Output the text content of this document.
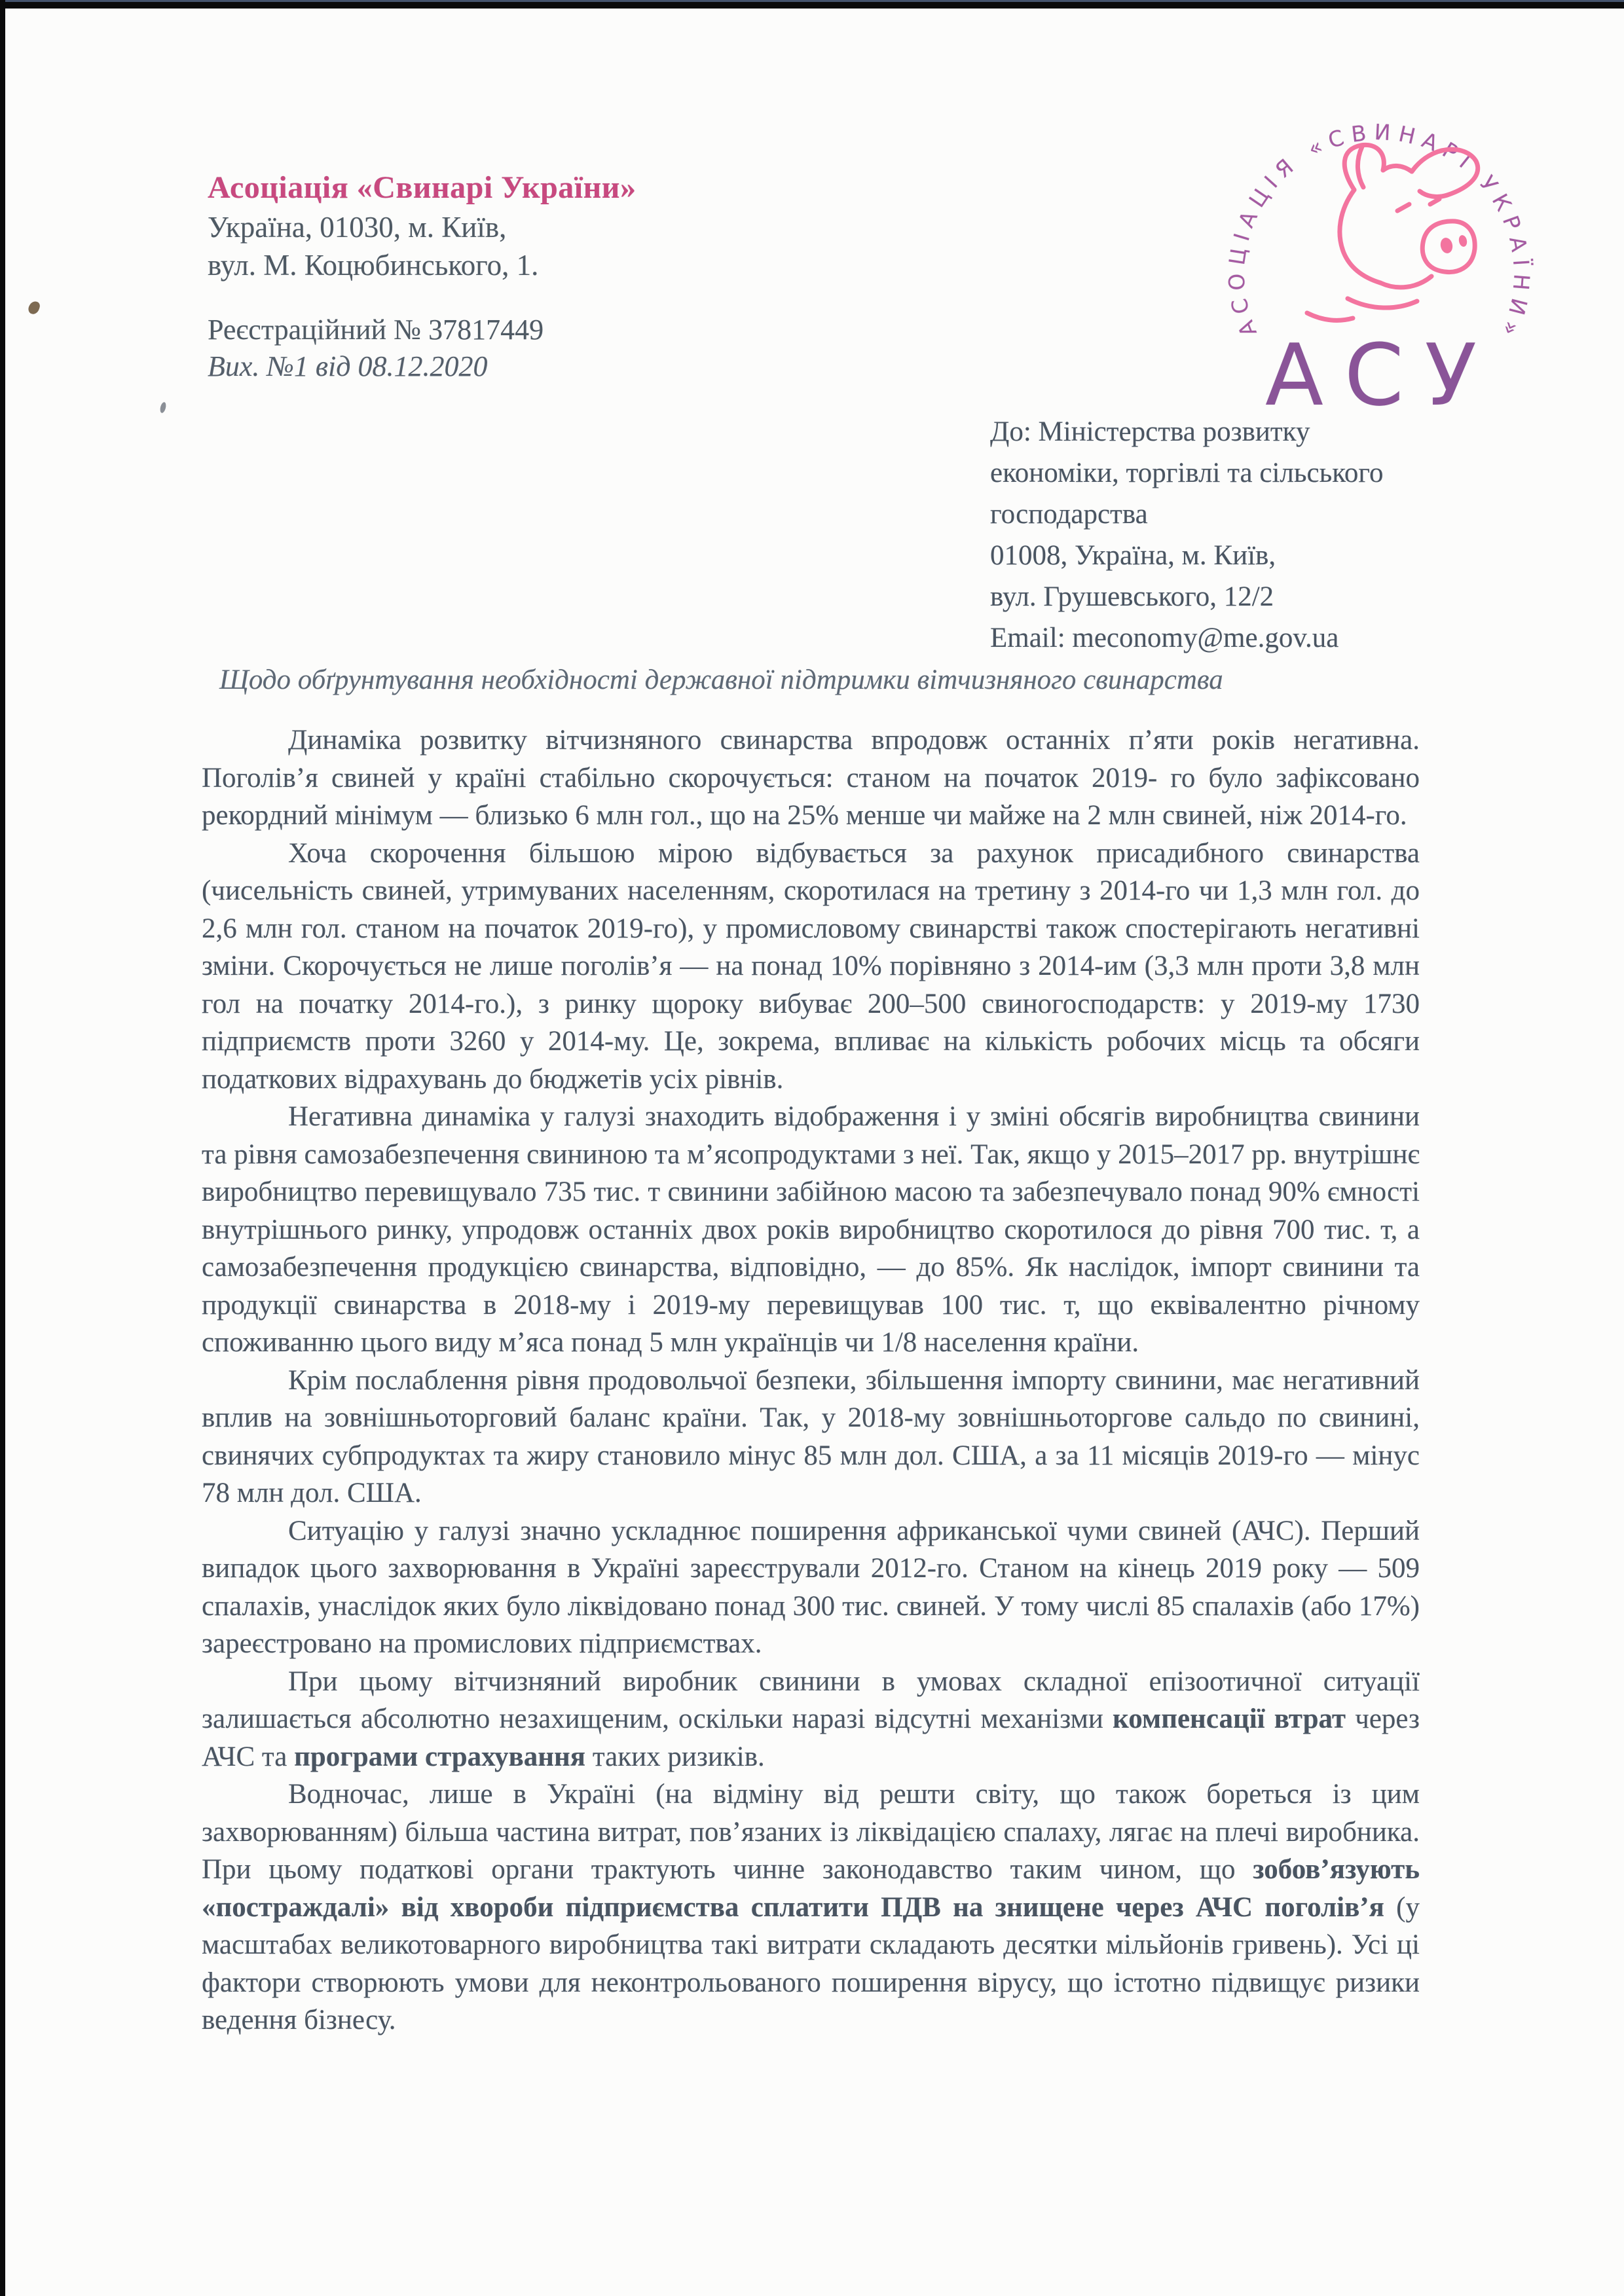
Асоціація «Свинарі України»
Україна, 01030, м. Київ,
вул. М. Коцюбинського, 1.
Реєстраційний № 37817449
Вих. №1 від 08.12.2020
АСОЦІАЦІЯ «СВИНАРІ УКРАЇНИ»
АСУ
До: Міністерства розвитку
економіки, торгівлі та сільського
господарства
01008, Україна, м. Київ,
вул. Грушевського, 12/2
Email: meconomy@me.gov.ua
Щодо обґрунтування необхідності державної підтримки вітчизняного свинарства

Динаміка розвитку вітчизняного свинарства впродовж останніх п’яти років негативна. Поголів’я свиней у країні стабільно скорочується: станом на початок 2019- го було зафіксовано рекордний мінімум — близько 6 млн гол., що на 25% менше чи майже на 2 млн свиней, ніж 2014-го.

Хоча скорочення більшою мірою відбувається за рахунок присадибного свинарства (чисельність свиней, утримуваних населенням, скоротилася на третину з 2014-го чи 1,3 млн гол. до 2,6 млн гол. станом на початок 2019-го), у промисловому свинарстві також спостерігають негативні зміни. Скорочується не лише поголів’я — на понад 10% порівняно з 2014-им (3,3 млн проти 3,8 млн гол на початку 2014-го.), з ринку щороку вибуває 200–500 свиногосподарств: у 2019-му 1730 підприємств проти 3260 у 2014-му. Це, зокрема, впливає на кількість робочих місць та обсяги податкових відрахувань до бюджетів усіх рівнів.

Негативна динаміка у галузі знаходить відображення і у зміні обсягів виробництва свинини та рівня самозабезпечення свининою та м’ясопродуктами з неї. Так, якщо у 2015–2017 рр. внутрішнє виробництво перевищувало 735 тис. т свинини забійною масою та забезпечувало понад 90% ємності внутрішнього ринку, упродовж останніх двох років виробництво скоротилося до рівня 700 тис. т, а самозабезпечення продукцією свинарства, відповідно, — до 85%. Як наслідок, імпорт свинини та продукції свинарства в 2018-му і 2019-му перевищував 100 тис. т, що еквівалентно річному споживанню цього виду м’яса понад 5 млн українців чи 1/8 населення країни.

Крім послаблення рівня продовольчої безпеки, збільшення імпорту свинини, має негативний вплив на зовнішньоторговий баланс країни. Так, у 2018-му зовнішньоторгове сальдо по свинині, свинячих субпродуктах та жиру становило мінус 85 млн дол. США, а за 11 місяців 2019-го — мінус 78 млн дол. США.

Ситуацію у галузі значно ускладнює поширення африканської чуми свиней (АЧС). Перший випадок цього захворювання в Україні зареєстрували 2012-го. Станом на кінець 2019 року — 509 спалахів, унаслідок яких було ліквідовано понад 300 тис. свиней. У тому числі 85 спалахів (або 17%) зареєстровано на промислових підприємствах.

При цьому вітчизняний виробник свинини в умовах складної епізоотичної ситуації залишається абсолютно незахищеним, оскільки наразі відсутні механізми компенсації втрат через АЧС та програми страхування таких ризиків.

Водночас, лише в Україні (на відміну від решти світу, що також бореться із цим захворюванням) більша частина витрат, пов’язаних із ліквідацією спалаху, лягає на плечі виробника. При цьому податкові органи трактують чинне законодавство таким чином, що зобов’язують «постраждалі» від хвороби підприємства сплатити ПДВ на знищене через АЧС поголів’я (у масштабах великотоварного виробництва такі витрати складають десятки мільйонів гривень). Усі ці фактори створюють умови для неконтрольованого поширення вірусу, що істотно підвищує ризики ведення бізнесу.
